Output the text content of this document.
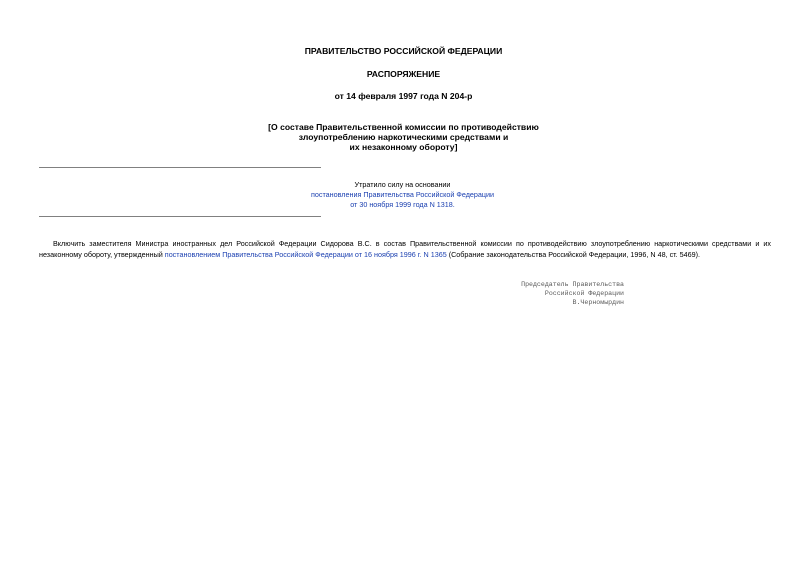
ПРАВИТЕЛЬСТВО РОССИЙСКОЙ ФЕДЕРАЦИИ
РАСПОРЯЖЕНИЕ
от 14 февраля 1997 года N 204-р
[О составе Правительственной комиссии по противодействию
злоупотреблению наркотическими средствами и
их незаконному обороту]
Утратило силу на основании
постановления Правительства Российской Федерации
от 30 ноября 1999 года N 1318.
Включить заместителя Министра иностранных дел Российской Федерации Сидорова В.С. в состав Правительственной комиссии по противодействию злоупотреблению наркотическими средствами и их незаконному обороту, утвержденный постановлением Правительства Российской Федерации от 16 ноября 1996 г. N 1365 (Собрание законодательства Российской Федерации, 1996, N 48, ст. 5469).
Председатель Правительства
Российской Федерации
В.Черномырдин
